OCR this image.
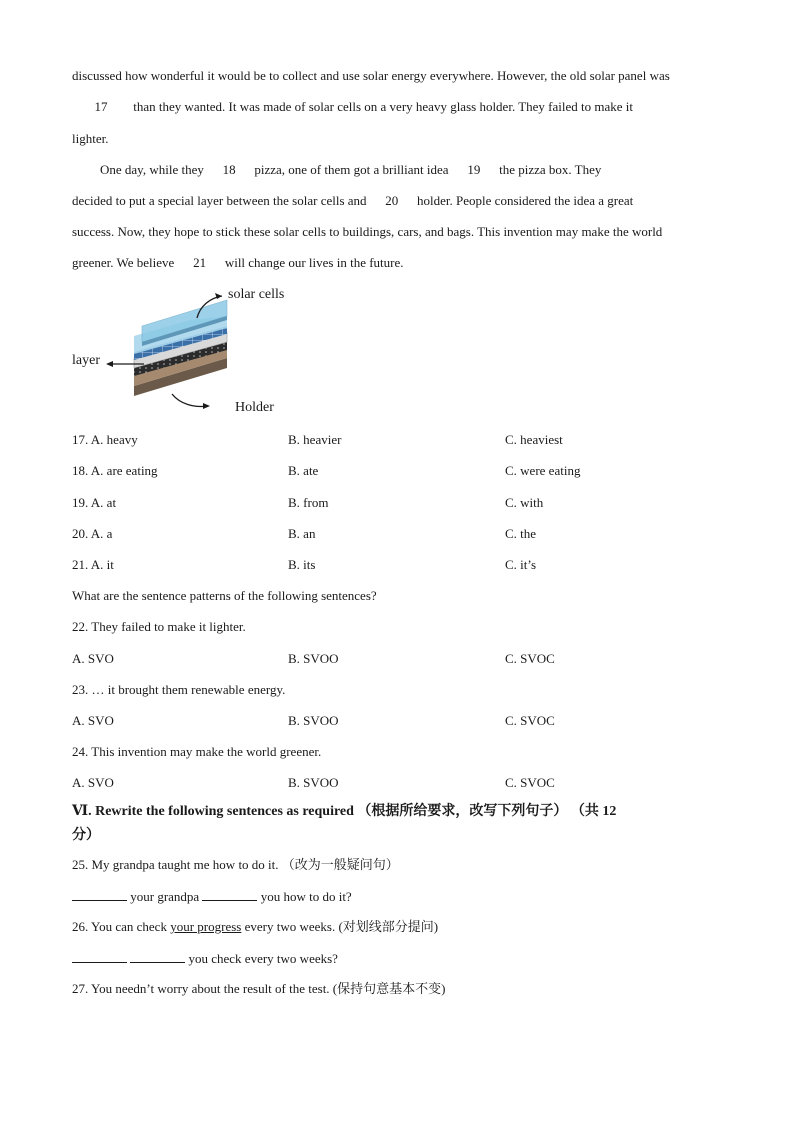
discussed how wonderful it would be to collect and use solar energy everywhere. However, the old solar panel was
17 than they wanted. It was made of solar cells on a very heavy glass holder. They failed to make it
lighter.
One day, while they 18 pizza, one of them got a brilliant idea 19 the pizza box. They
decided to put a special layer between the solar cells and 20 holder. People considered the idea a great
success. Now, they hope to stick these solar cells to buildings, cars, and bags. This invention may make the world
greener. We believe 21 will change our lives in the future.
solar cells
layer
Holder
17. A. heavy	B. heavier	C. heaviest
18. A. are eating	B. ate	C. were eating
19. A. at	B. from	C. with
20. A. a	B. an	C. the
21. A. it	B. its	C. it’s
What are the sentence patterns of the following sentences?
22. They failed to make it lighter.
A. SVO	B. SVOO	C. SVOC
23. … it brought them renewable energy.
A. SVO	B. SVOO	C. SVOC
24. This invention may make the world greener.
A. SVO	B. SVOO	C. SVOC
Ⅵ. Rewrite the following sentences as required （根据所给要求，改写下列句子） （共 12
分）
25. My grandpa taught me how to do it. （改为一般疑问句）
your grandpa	you how to do it?
26. You can check your progress every two weeks. (对划线部分提问)
you check every two weeks?
27. You needn’t worry about the result of the test. (保持句意基本不变)
